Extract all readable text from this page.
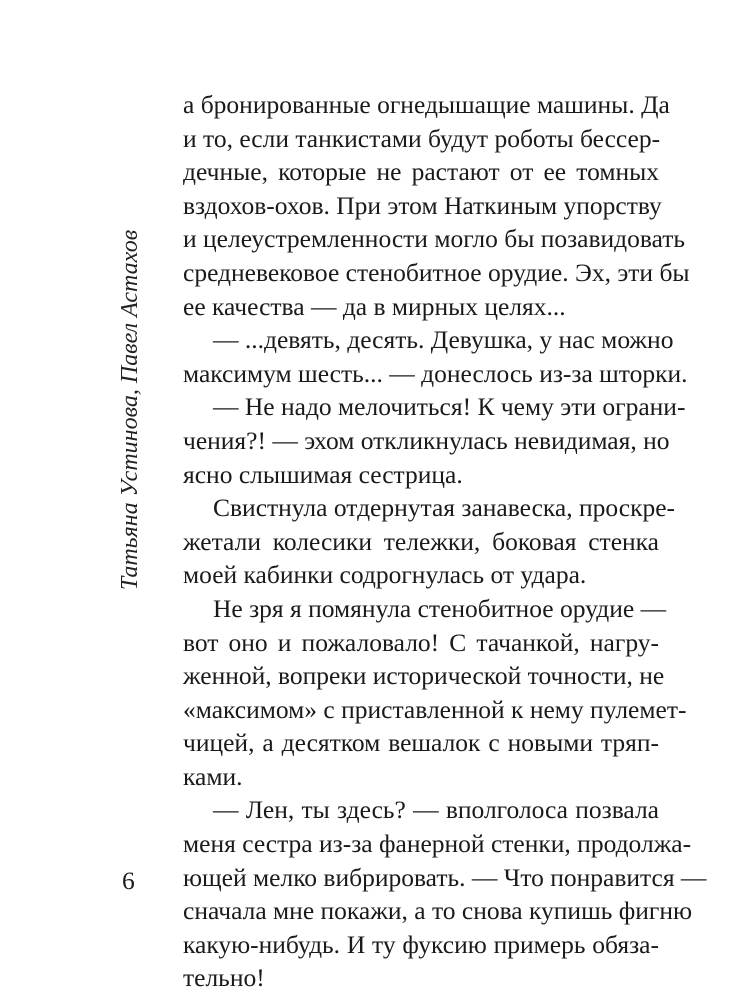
Татьяна Устинова, Павел Астахов
а бронированные огнедышащие машины. Да
и то, если танкистами будут роботы бессер-
дечные, которые не растают от ее томных
вздохов-охов. При этом Наткиным упорству
и целеустремленности могло бы позавидовать
средневековое стенобитное орудие. Эх, эти бы
ее качества — да в мирных целях...
— ...девять, десять. Девушка, у нас можно
максимум шесть... — донеслось из-за шторки.
— Не надо мелочиться! К чему эти ограни-
чения?! — эхом откликнулась невидимая, но
ясно слышимая сестрица.
Свистнула отдернутая занавеска, проскре-
жетали колесики тележки, боковая стенка
моей кабинки содрогнулась от удара.
Не зря я помянула стенобитное орудие —
вот оно и пожаловало! С тачанкой, нагру-
женной, вопреки исторической точности, не
«максимом» с приставленной к нему пулемет-
чицей, а десятком вешалок с новыми тряп-
ками.
— Лен, ты здесь? — вполголоса позвала
меня сестра из-за фанерной стенки, продолжа-
ющей мелко вибрировать. — Что понравится —
сначала мне покажи, а то снова купишь фигню
какую-нибудь. И ту фуксию примерь обяза-
тельно!
6
